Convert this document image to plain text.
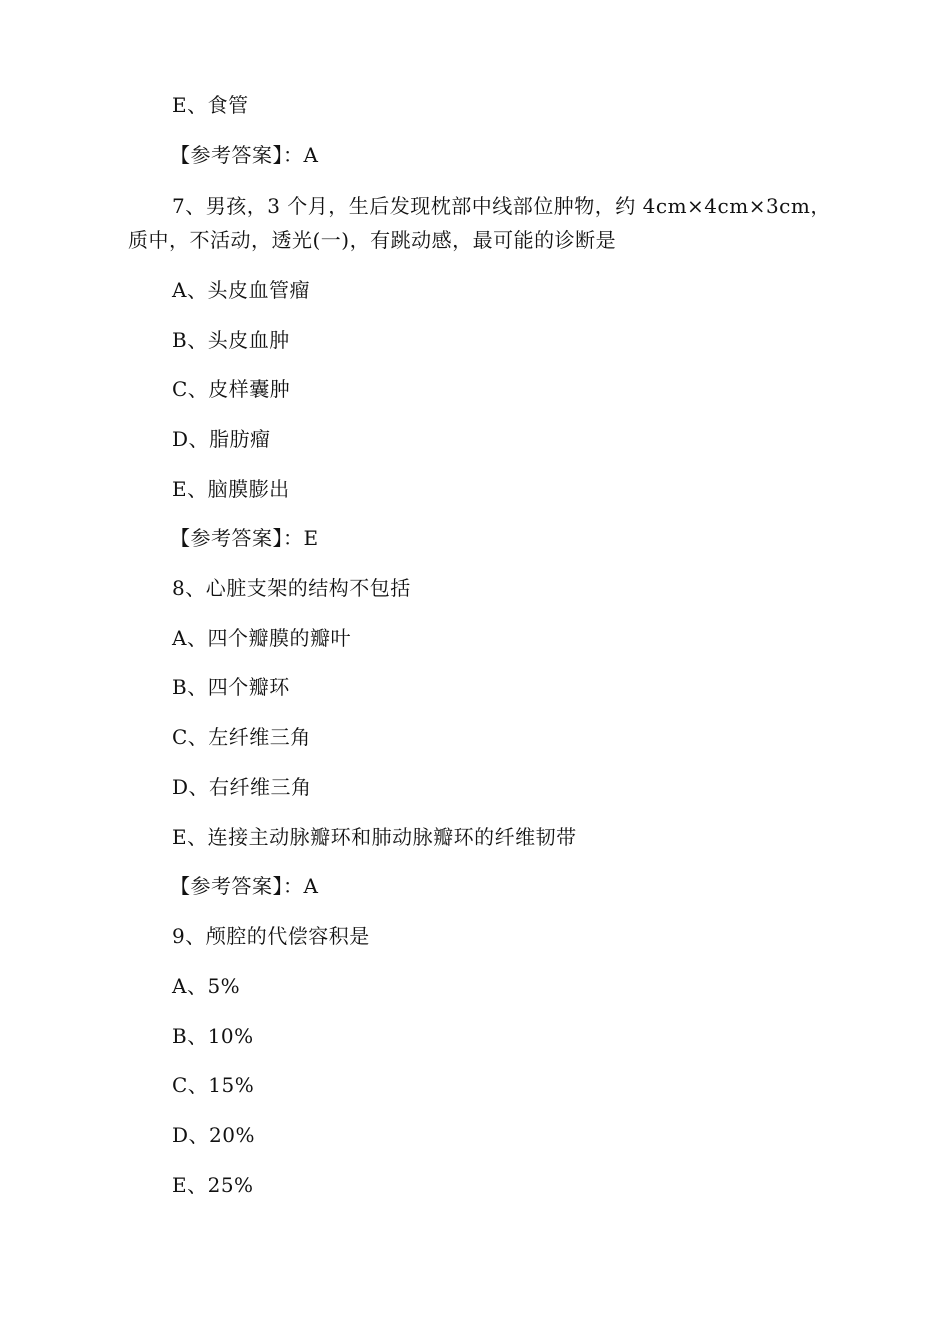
E、食管
【参考答案】：A
7、男孩，3 个月，生后发现枕部中线部位肿物，约 4cm×4cm×3cm，
质中，不活动，透光(一)，有跳动感，最可能的诊断是
A、头皮血管瘤
B、头皮血肿
C、皮样囊肿
D、脂肪瘤
E、脑膜膨出
【参考答案】：E
8、心脏支架的结构不包括
A、四个瓣膜的瓣叶
B、四个瓣环
C、左纤维三角
D、右纤维三角
E、连接主动脉瓣环和肺动脉瓣环的纤维韧带
【参考答案】：A
9、颅腔的代偿容积是
A、5%
B、10%
C、15%
D、20%
E、25%
